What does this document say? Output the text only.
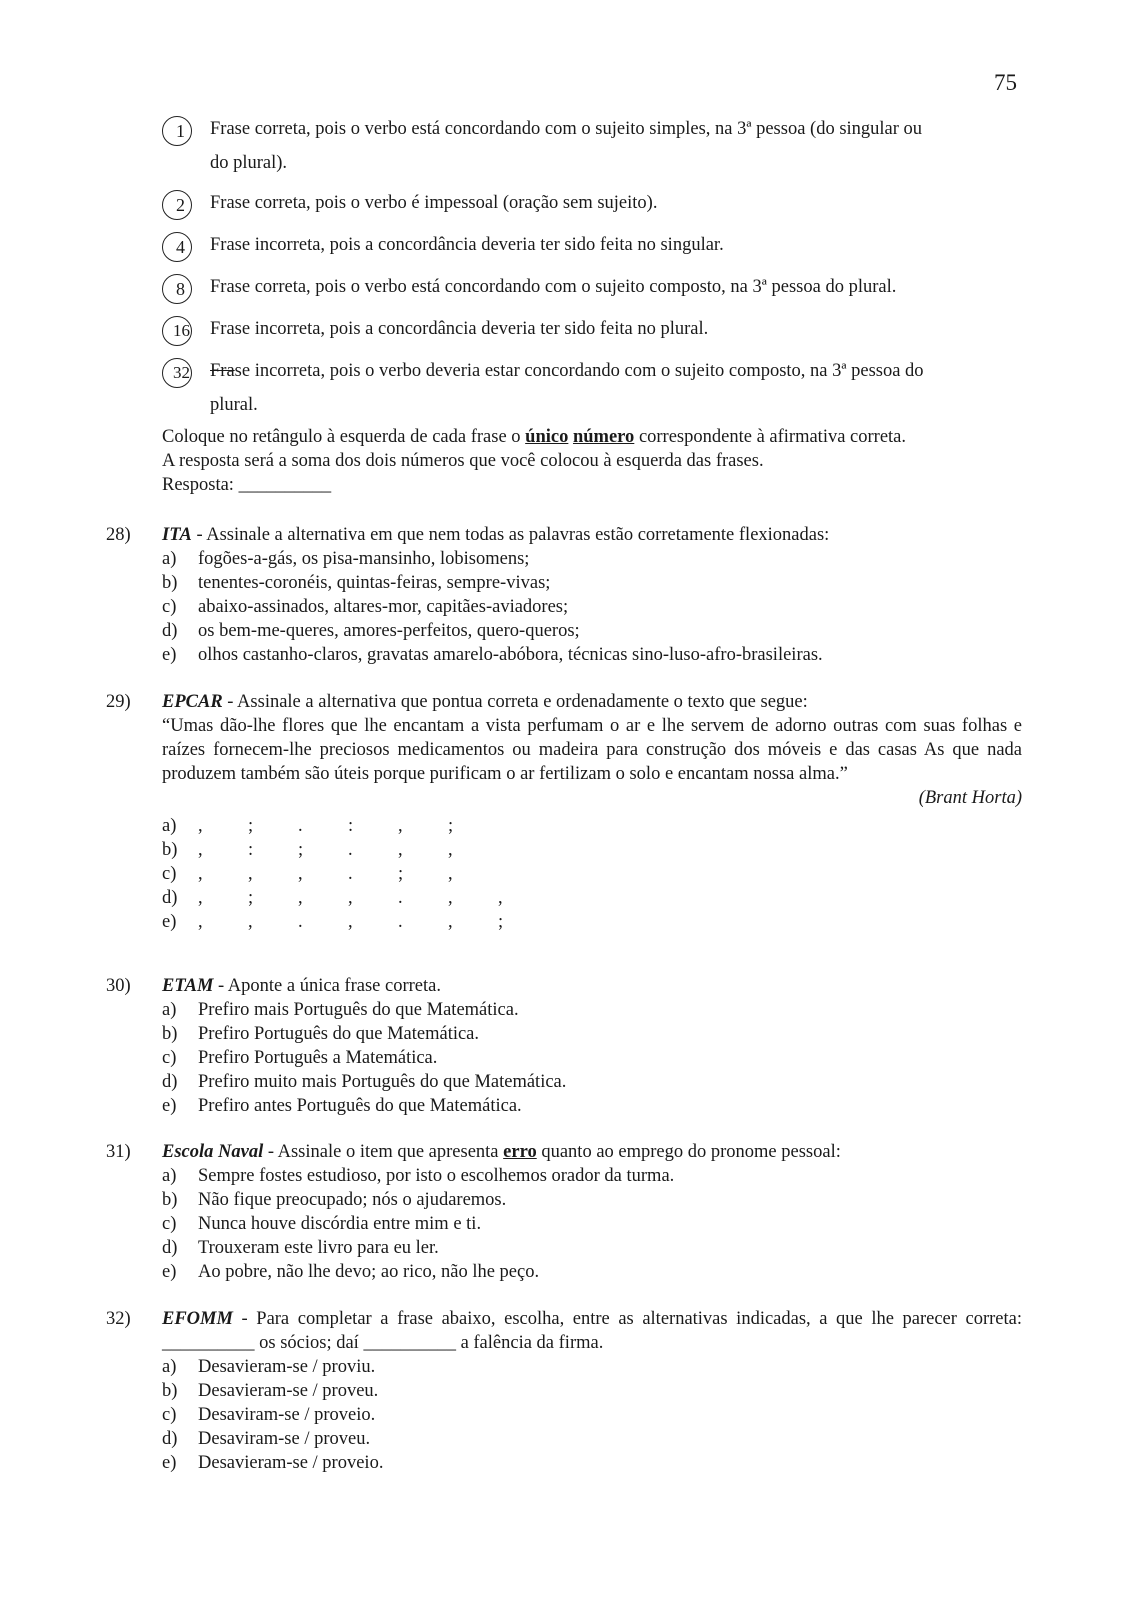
75
1	Frase correta, pois o verbo está concordando com o sujeito simples, na 3ª pessoa (do singular ou
do plural).
2	Frase correta, pois o verbo é impessoal (oração sem sujeito).
4	Frase incorreta, pois a concordância deveria ter sido feita no singular.
8	Frase correta, pois o verbo está concordando com o sujeito composto, na 3ª pessoa do plural.
16 Frase incorreta, pois a concordância deveria ter sido feita no plural.
32 Frase incorreta, pois o verbo deveria estar concordando com o sujeito composto, na 3ª pessoa do
plural.
Coloque no retângulo à esquerda de cada frase o único número correspondente à afirmativa correta.
A resposta será a soma dos dois números que você colocou à esquerda das frases.
Resposta: __________
28) ITA - Assinale a alternativa em que nem todas as palavras estão corretamente flexionadas:
a)	fogões-a-gás, os pisa-mansinho, lobisomens;
b)	tenentes-coronéis, quintas-feiras, sempre-vivas;
c)	abaixo-assinados, altares-mor, capitães-aviadores;
d)	os bem-me-queres, amores-perfeitos, quero-queros;
e)	olhos castanho-claros, gravatas amarelo-abóbora, técnicas sino-luso-afro-brasileiras.
29) EPCAR - Assinale a alternativa que pontua correta e ordenadamente o texto que segue:
“Umas dão-lhe flores que lhe encantam a vista perfumam o ar e lhe servem de adorno outras com suas folhas e raízes fornecem-lhe preciosos medicamentos ou madeira para construção dos móveis e das casas As que nada produzem também são úteis porque purificam o ar fertilizam o solo e encantam nossa alma.”
(Brant Horta)
a)	,	;	.	:	,	;
b)	,	:	;	.	,	,
c)	,	,	,	.	;	,
d)	,	;	,	,	.	,	,
e)	,	,	.	,	.	,	;
30) ETAM - Aponte a única frase correta.
a)	Prefiro mais Português do que Matemática.
b)	Prefiro Português do que Matemática.
c)	Prefiro Português a Matemática.
d)	Prefiro muito mais Português do que Matemática.
e)	Prefiro antes Português do que Matemática.
31) Escola Naval - Assinale o item que apresenta erro quanto ao emprego do pronome pessoal:
a)	Sempre fostes estudioso, por isto o escolhemos orador da turma.
b)	Não fique preocupado; nós o ajudaremos.
c)	Nunca houve discórdia entre mim e ti.
d)	Trouxeram este livro para eu ler.
e)	Ao pobre, não lhe devo; ao rico, não lhe peço.
32) EFOMM - Para completar a frase abaixo, escolha, entre as alternativas indicadas, a que lhe parecer correta: __________ os sócios; daí __________ a falência da firma.
a)	Desavieram-se / proviu.
b)	Desavieram-se / proveu.
c)	Desaviram-se / proveio.
d)	Desaviram-se / proveu.
e)	Desavieram-se / proveio.
